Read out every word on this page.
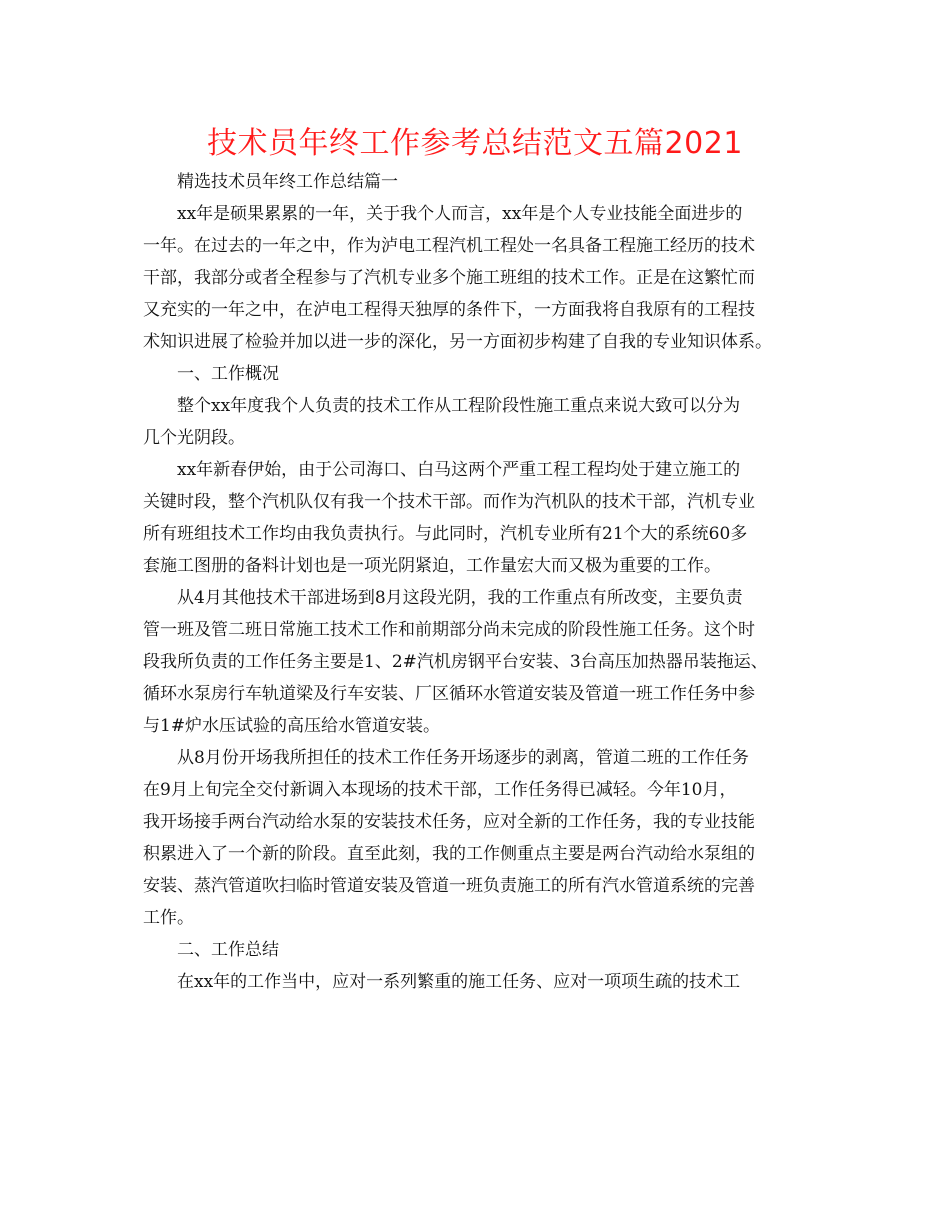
技术员年终工作参考总结范文五篇2021
精选技术员年终工作总结篇一
xx年是硕果累累的一年，关于我个人而言，xx年是个人专业技能全面进步的
一年。在过去的一年之中，作为泸电工程汽机工程处一名具备工程施工经历的技术
干部，我部分或者全程参与了汽机专业多个施工班组的技术工作。正是在这繁忙而
又充实的一年之中，在泸电工程得天独厚的条件下，一方面我将自我原有的工程技
术知识进展了检验并加以进一步的深化，另一方面初步构建了自我的专业知识体系。
一、工作概况
整个xx年度我个人负责的技术工作从工程阶段性施工重点来说大致可以分为
几个光阴段。
xx年新春伊始，由于公司海口、白马这两个严重工程工程均处于建立施工的
关键时段，整个汽机队仅有我一个技术干部。而作为汽机队的技术干部，汽机专业
所有班组技术工作均由我负责执行。与此同时，汽机专业所有21个大的系统60多
套施工图册的备料计划也是一项光阴紧迫，工作量宏大而又极为重要的工作。
从4月其他技术干部进场到8月这段光阴，我的工作重点有所改变，主要负责
管一班及管二班日常施工技术工作和前期部分尚未完成的阶段性施工任务。这个时
段我所负责的工作任务主要是1、2#汽机房钢平台安装、3台高压加热器吊装拖运、
循环水泵房行车轨道梁及行车安装、厂区循环水管道安装及管道一班工作任务中参
与1#炉水压试验的高压给水管道安装。
从8月份开场我所担任的技术工作任务开场逐步的剥离，管道二班的工作任务
在9月上旬完全交付新调入本现场的技术干部，工作任务得已减轻。今年10月，
我开场接手两台汽动给水泵的安装技术任务，应对全新的工作任务，我的专业技能
积累进入了一个新的阶段。直至此刻，我的工作侧重点主要是两台汽动给水泵组的
安装、蒸汽管道吹扫临时管道安装及管道一班负责施工的所有汽水管道系统的完善
工作。
二、工作总结
在xx年的工作当中，应对一系列繁重的施工任务、应对一项项生疏的技术工
